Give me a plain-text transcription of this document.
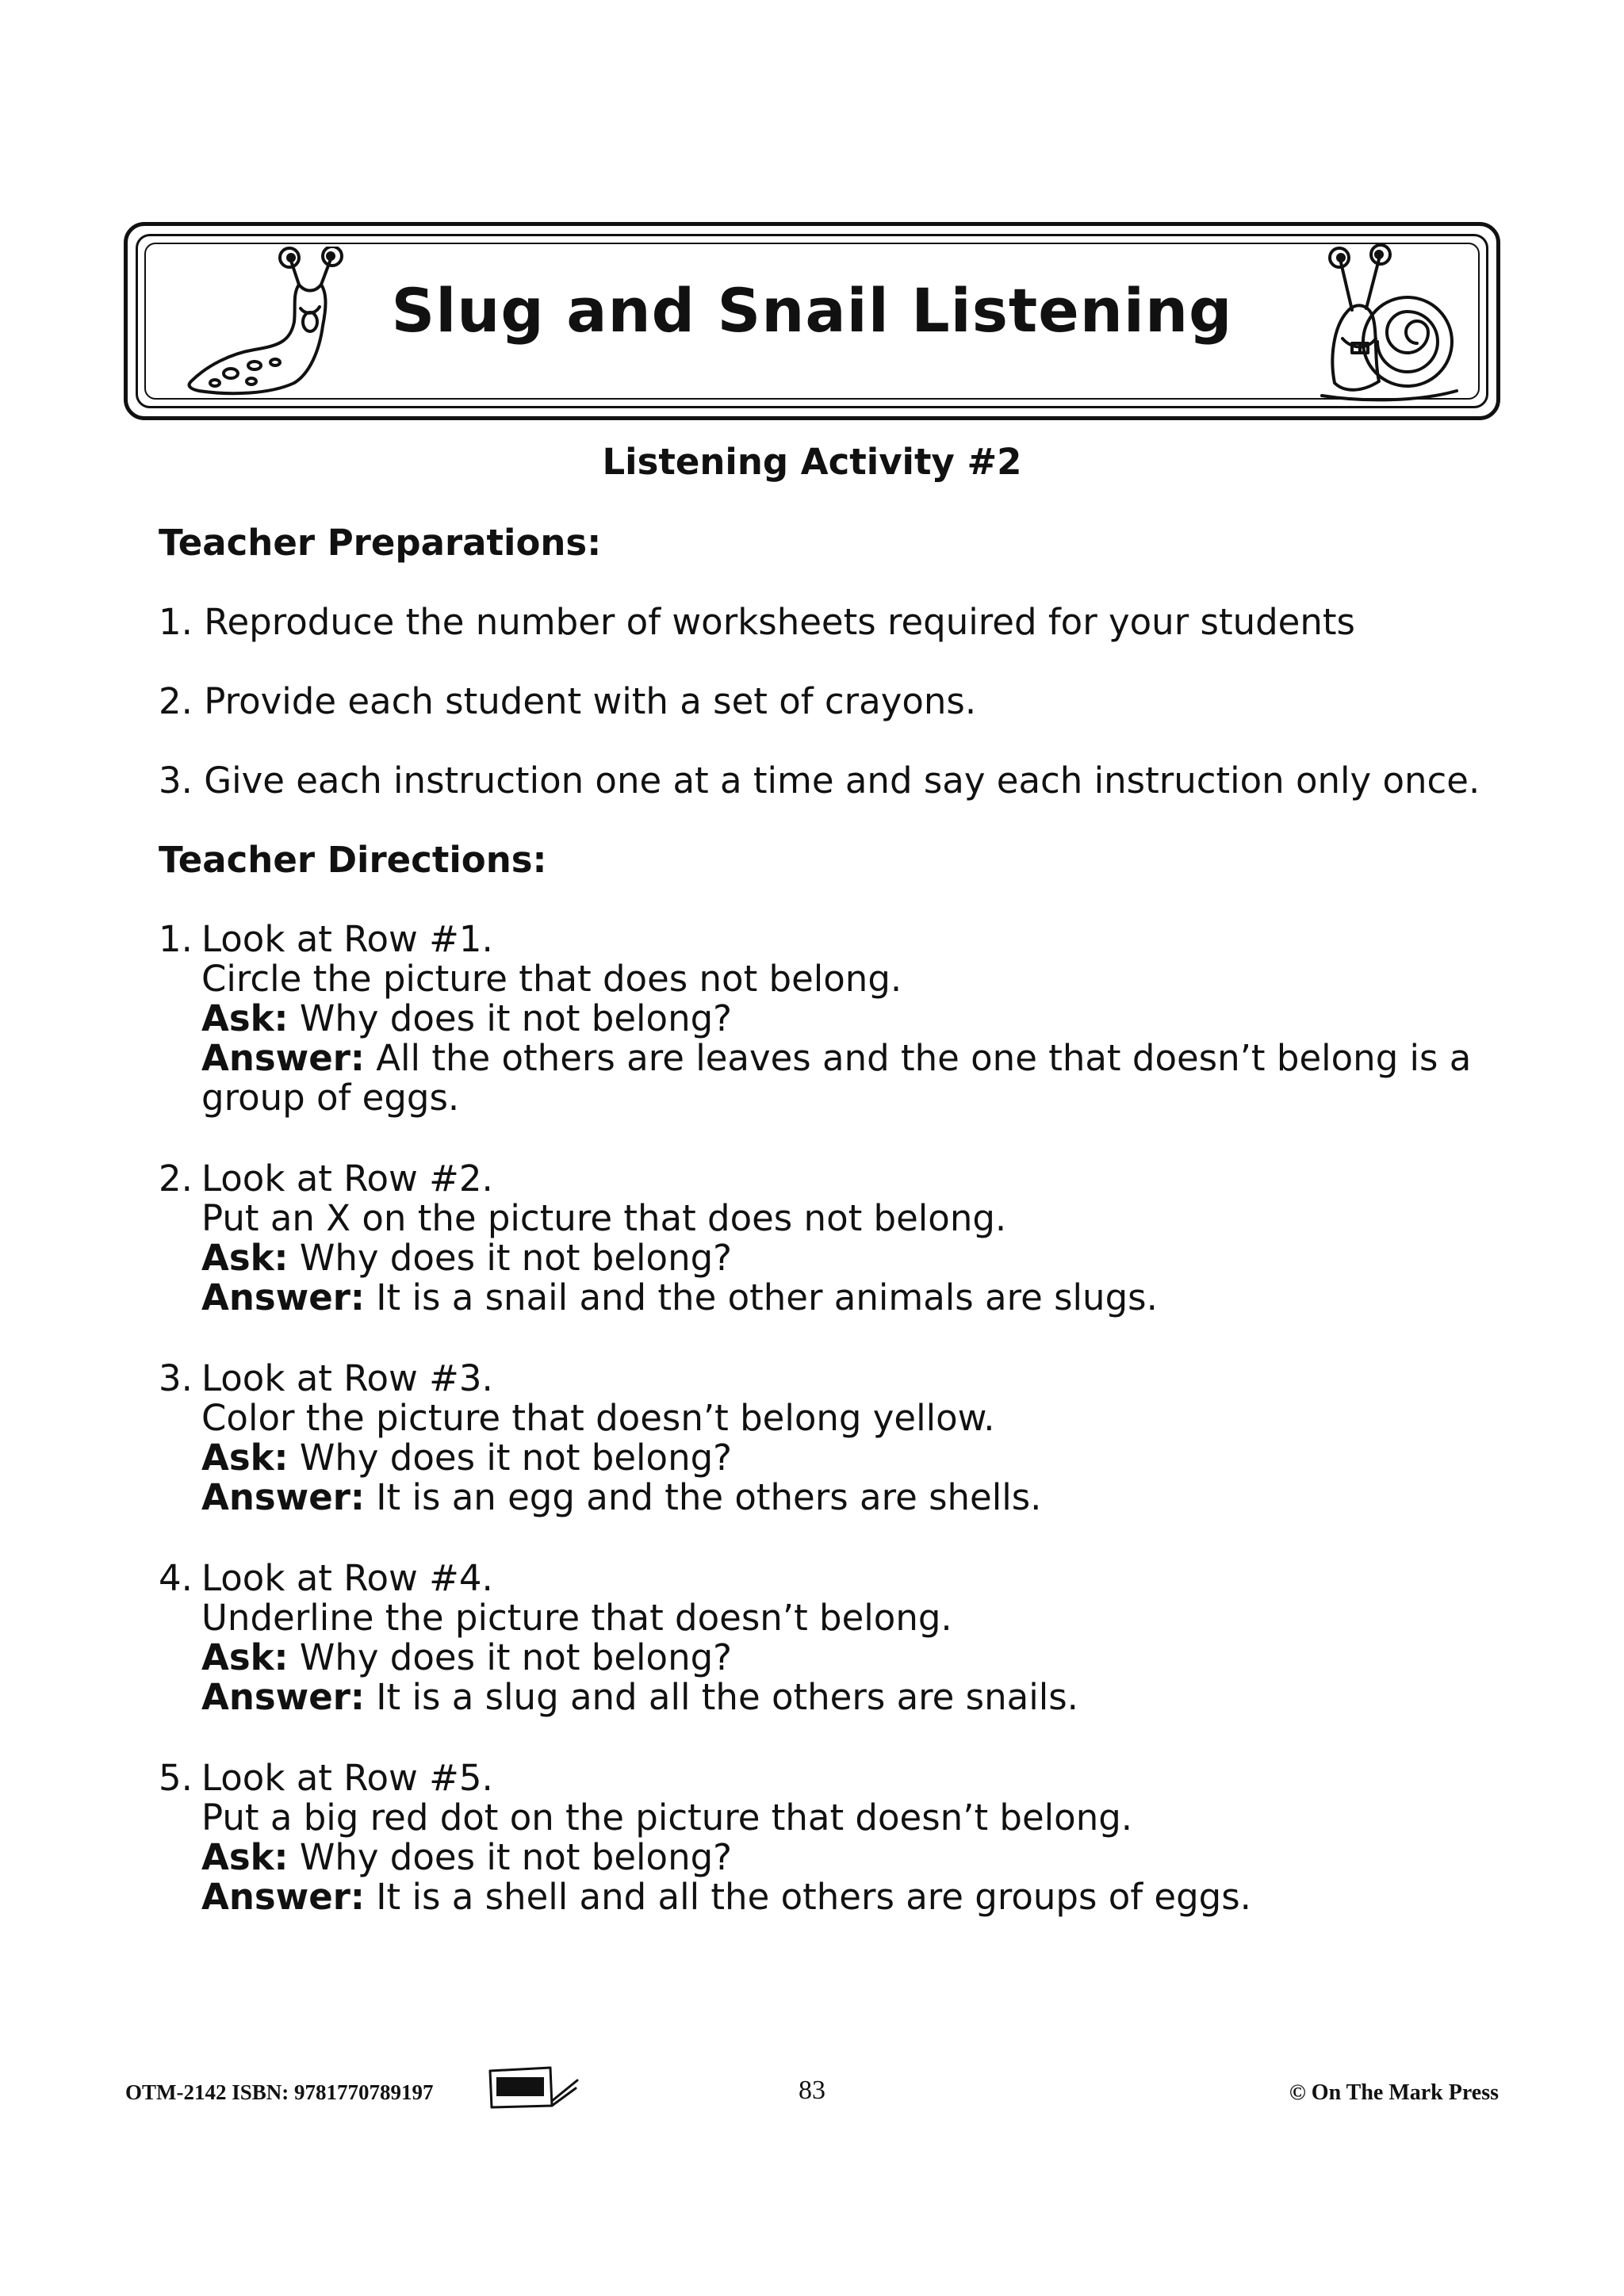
Slug and Snail Listening
Listening Activity #2
Teacher Preparations:
1. Reproduce the number of worksheets required for your students
2. Provide each student with a set of crayons.
3. Give each instruction one at a time and say each instruction only once.
Teacher Directions:
1. Look at Row #1.
Circle the picture that does not belong.
Ask: Why does it not belong?
Answer: All the others are leaves and the one that doesn’t belong is a group of eggs.
2. Look at Row #2.
Put an X on the picture that does not belong.
Ask: Why does it not belong?
Answer: It is a snail and the other animals are slugs.
3. Look at Row #3.
Color the picture that doesn’t belong yellow.
Ask: Why does it not belong?
Answer: It is an egg and the others are shells.
4. Look at Row #4.
Underline the picture that doesn’t belong.
Ask: Why does it not belong?
Answer: It is a slug and all the others are snails.
5. Look at Row #5.
Put a big red dot on the picture that doesn’t belong.
Ask: Why does it not belong?
Answer: It is a shell and all the others are groups of eggs.
OTM-2142 ISBN: 9781770789197	83	© On The Mark Press
